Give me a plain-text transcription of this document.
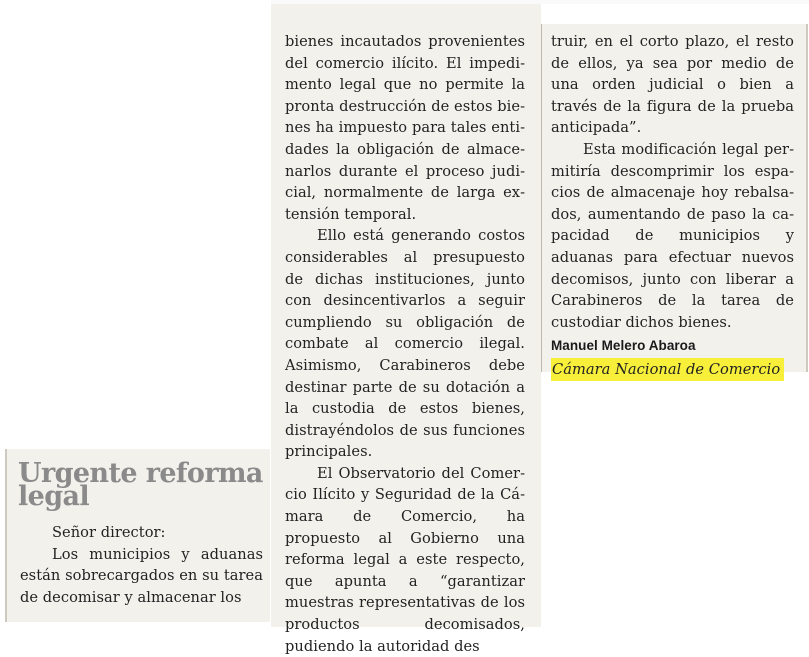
Urgente reforma legal

Señor director:

Los municipios y aduanas están sobrecargados en su tarea de decomisar y almacenar los

bienes incautados provenientes del comercio ilícito. El impedimento legal que no permite la pronta destrucción de estos bienes ha impuesto para tales entidades la obligación de almacenarlos durante el proceso judicial, normalmente de larga extensión temporal.

Ello está generando costos considerables al presupuesto de dichas instituciones, junto con desincentivarlos a seguir cumpliendo su obligación de combate al comercio ilegal. Asimismo, Carabineros debe destinar parte de su dotación a la custodia de estos bienes, distrayéndolos de sus funciones principales.

El Observatorio del Comercio Ilícito y Seguridad de la Cámara de Comercio, ha propuesto al Gobierno una reforma legal a este respecto, que apunta a “garantizar muestras representativas de los productos decomisados, pudiendo la autoridad des

truir, en el corto plazo, el resto de ellos, ya sea por medio de una orden judicial o bien a través de la figura de la prueba anticipada”.

Esta modificación legal permitiría descomprimir los espacios de almacenaje hoy rebalsados, aumentando de paso la capacidad de municipios y aduanas para efectuar nuevos decomisos, junto con liberar a Carabineros de la tarea de custodiar dichos bienes.

Manuel Melero Abaroa

Cámara Nacional de Comercio
